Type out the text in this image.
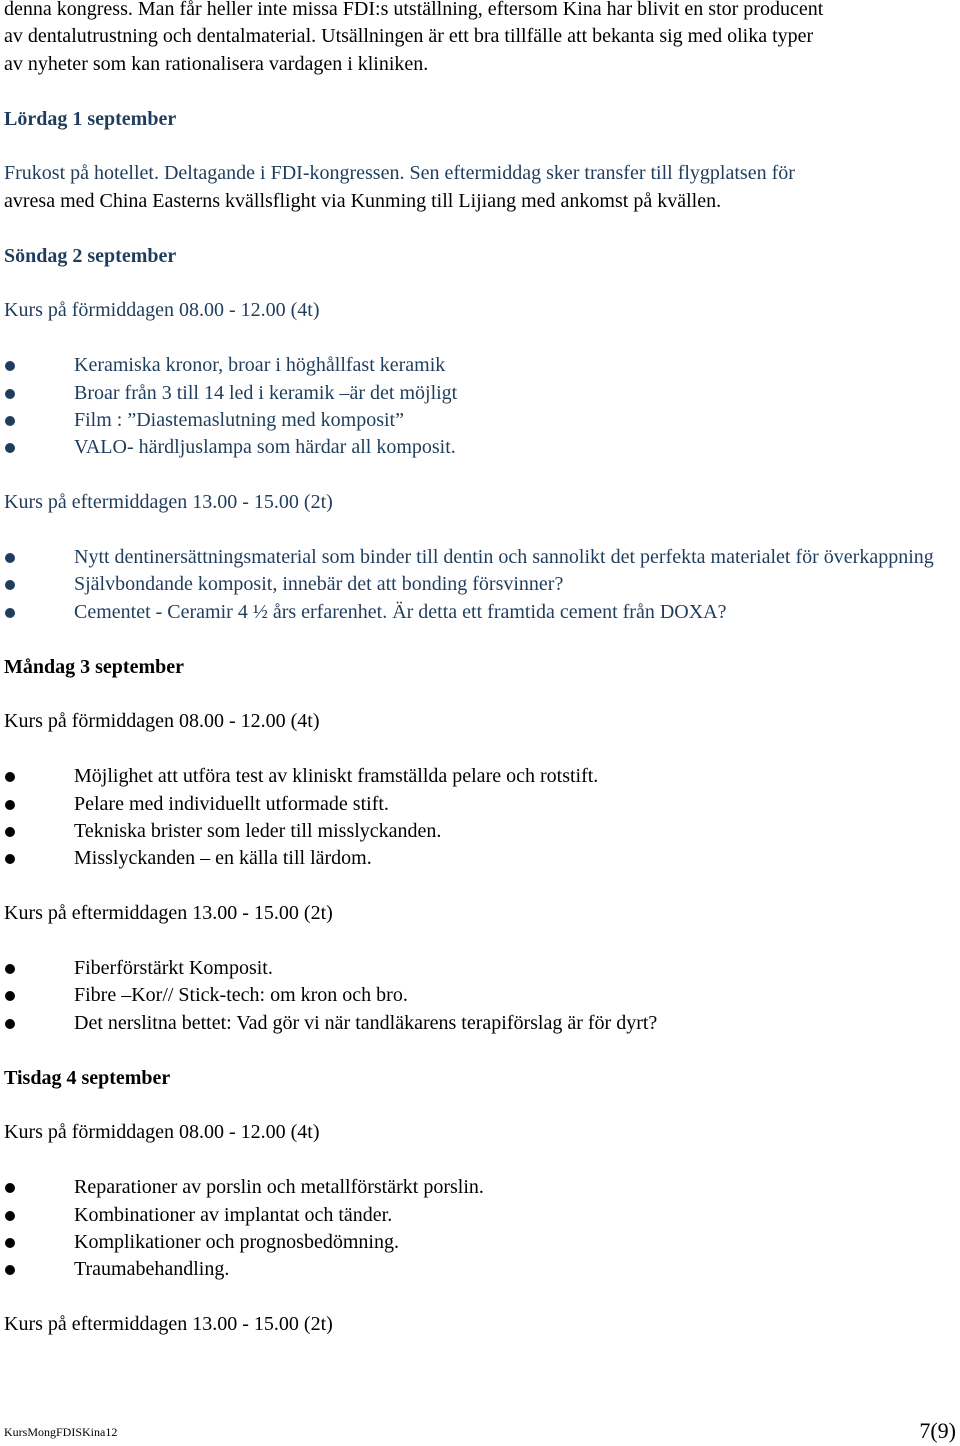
denna kongress. Man får heller inte missa FDI:s utställning, eftersom Kina har blivit en stor producent
av dentalutrustning och dentalmaterial. Utsällningen är ett bra tillfälle att bekanta sig med olika typer
av nyheter som kan rationalisera vardagen i kliniken.

Lördag 1 september

Frukost på hotellet. Deltagande i FDI-kongressen. Sen eftermiddag sker transfer till flygplatsen för

avresa med China Easterns kvällsflight via Kunming till Lijiang med ankomst på kvällen.

Söndag 2 september

Kurs på förmiddagen 08.00 - 12.00 (4t)

Keramiska kronor, broar i höghållfast keramik
Broar från 3 till 14 led i keramik –är det möjligt
Film : ”Diastemaslutning med komposit”
VALO- härdljuslampa som härdar all komposit.

Kurs på eftermiddagen 13.00 - 15.00 (2t)

Nytt dentinersättningsmaterial som binder till dentin och sannolikt det perfekta materialet för överkappning
Självbondande komposit, innebär det att bonding försvinner?
Cementet - Ceramir 4 ½ års erfarenhet. Är detta ett framtida cement från DOXA?

Måndag 3 september

Kurs på förmiddagen 08.00 - 12.00 (4t)

Möjlighet att utföra test av kliniskt framställda pelare och rotstift.
Pelare med individuellt utformade stift.
Tekniska brister som leder till misslyckanden.
Misslyckanden – en källa till lärdom.

Kurs på eftermiddagen 13.00 - 15.00 (2t)

Fiberförstärkt Komposit.
Fibre –Kor// Stick-tech: om kron och bro.
Det nerslitna bettet: Vad gör vi när tandläkarens terapiförslag är för dyrt?

Tisdag 4 september

Kurs på förmiddagen 08.00 - 12.00 (4t)

Reparationer av porslin och metallförstärkt porslin.
Kombinationer av implantat och tänder.
Komplikationer och prognosbedömning.
Traumabehandling.

Kurs på eftermiddagen 13.00 - 15.00 (2t)

KursMongFDISKina12	7(9)
